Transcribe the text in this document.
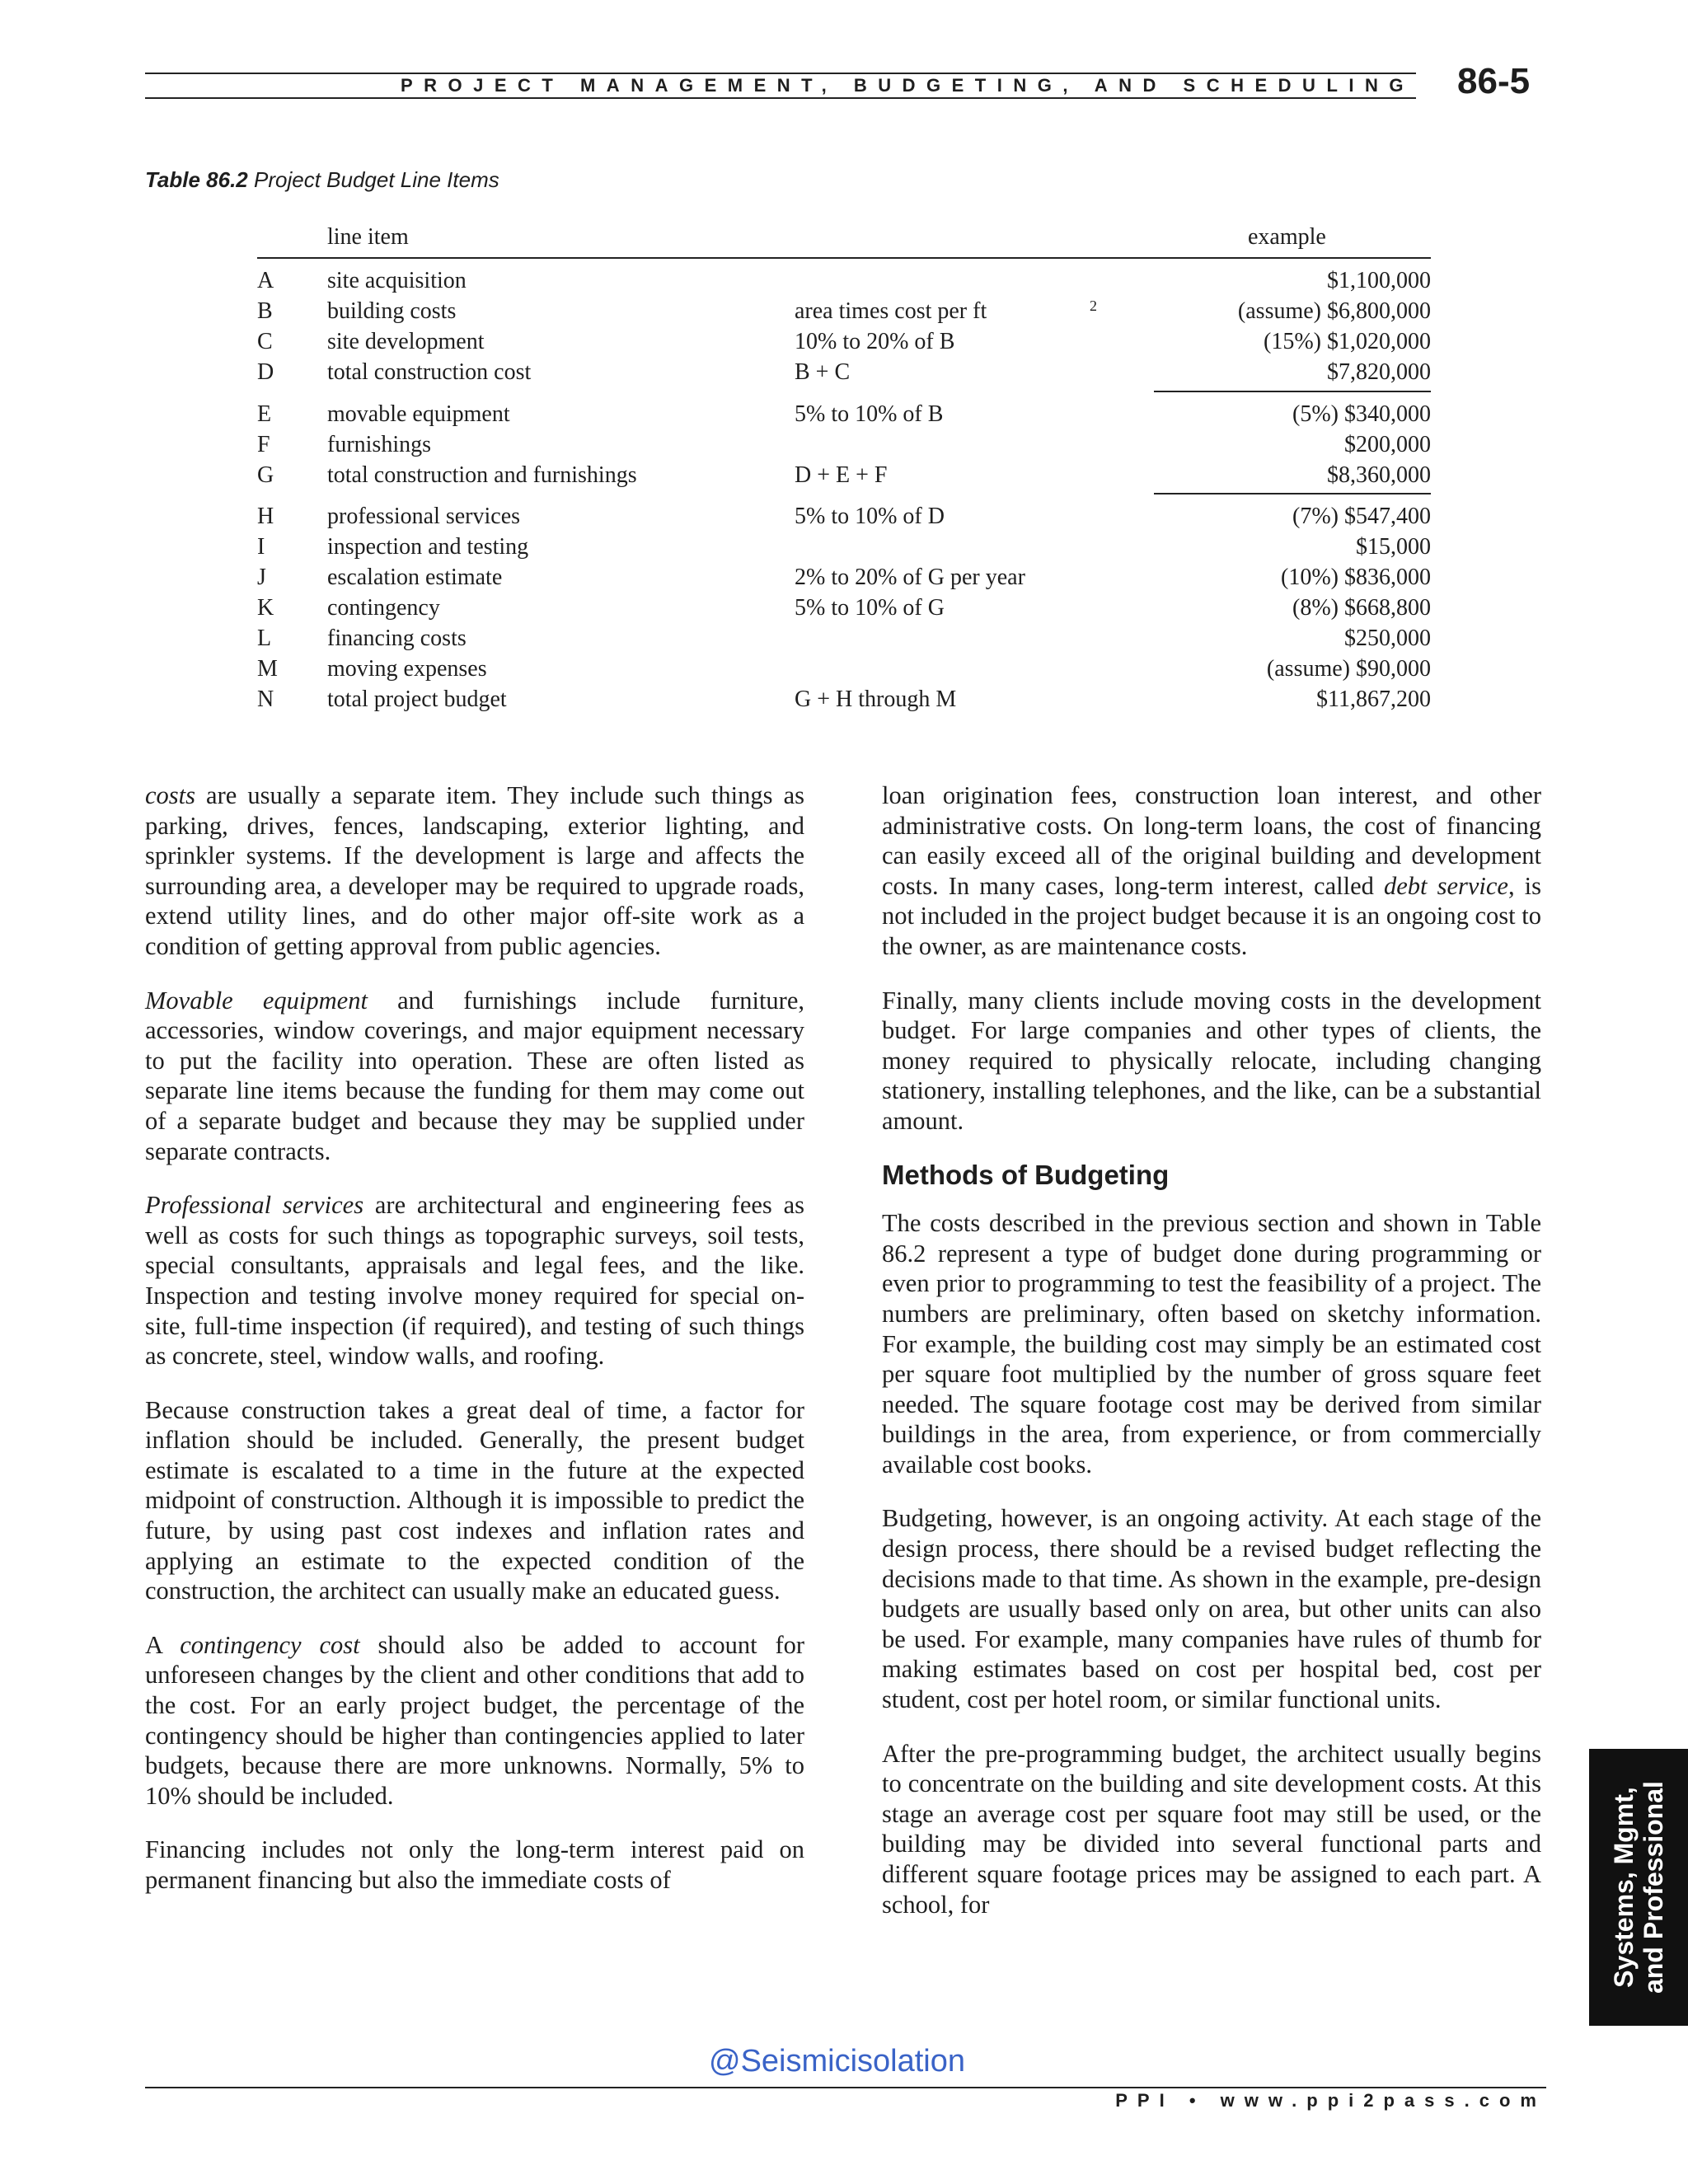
PROJECT MANAGEMENT, BUDGETING, AND SCHEDULING 86-5
Table 86.2 Project Budget Line Items
line item	example
A site acquisition	$1,100,000
B building costs	area times cost per ft	2	(assume) $6,800,000
C site development	10% to 20% of B	(15%) $1,020,000
D total construction cost	B + C	$7,820,000
E movable equipment	5% to 10% of B	(5%) $340,000
F furnishings	$200,000
G total construction and furnishings	D + E + F	$8,360,000
H professional services	5% to 10% of D	(7%) $547,400
I	inspection and testing	$15,000
J	escalation estimate	2% to 20% of G per year	(10%) $836,000
K contingency	5% to 10% of G	(8%) $668,800
L financing costs	$250,000
M moving expenses	(assume) $90,000
N total project budget	G + H through M	$11,867,200

costs are usually a separate item. They include such things as parking, drives, fences, landscaping, exterior lighting, and sprinkler systems. If the development is large and affects the surrounding area, a developer may be required to upgrade roads, extend utility lines, and do other major off-site work as a condition of getting approval from public agencies.

Movable equipment and furnishings include furniture, accessories, window coverings, and major equipment necessary to put the facility into operation. These are often listed as separate line items because the funding for them may come out of a separate budget and because they may be supplied under separate contracts.

Professional services are architectural and engineering fees as well as costs for such things as topographic surveys, soil tests, special consultants, appraisals and legal fees, and the like. Inspection and testing involve money required for special on-site, full-time inspection (if required), and testing of such things as concrete, steel, window walls, and roofing.

Because construction takes a great deal of time, a factor for inflation should be included. Generally, the present budget estimate is escalated to a time in the future at the expected midpoint of construction. Although it is impossible to predict the future, by using past cost indexes and inflation rates and applying an estimate to the expected condition of the construction, the architect can usually make an educated guess.

A contingency cost should also be added to account for unforeseen changes by the client and other conditions that add to the cost. For an early project budget, the percentage of the contingency should be higher than contingencies applied to later budgets, because there are more unknowns. Normally, 5% to 10% should be included.

Financing includes not only the long-term interest paid on permanent financing but also the immediate costs of

loan origination fees, construction loan interest, and other administrative costs. On long-term loans, the cost of financing can easily exceed all of the original building and development costs. In many cases, long-term interest, called debt service, is not included in the project budget because it is an ongoing cost to the owner, as are maintenance costs.

Finally, many clients include moving costs in the development budget. For large companies and other types of clients, the money required to physically relocate, including changing stationery, installing telephones, and the like, can be a substantial amount.

Methods of Budgeting

The costs described in the previous section and shown in Table 86.2 represent a type of budget done during programming or even prior to programming to test the feasibility of a project. The numbers are preliminary, often based on sketchy information. For example, the building cost may simply be an estimated cost per square foot multiplied by the number of gross square feet needed. The square footage cost may be derived from similar buildings in the area, from experience, or from commercially available cost books.

Budgeting, however, is an ongoing activity. At each stage of the design process, there should be a revised budget reflecting the decisions made to that time. As shown in the example, pre-design budgets are usually based only on area, but other units can also be used. For example, many companies have rules of thumb for making estimates based on cost per hospital bed, cost per student, cost per hotel room, or similar functional units.

After the pre-programming budget, the architect usually begins to concentrate on the building and site development costs. At this stage an average cost per square foot may still be used, or the building may be divided into several functional parts and different square footage prices may be assigned to each part. A school, for	Systems, Mgmt, and Professional
@Seismicisolation
PPI • www.ppi2pass.com
